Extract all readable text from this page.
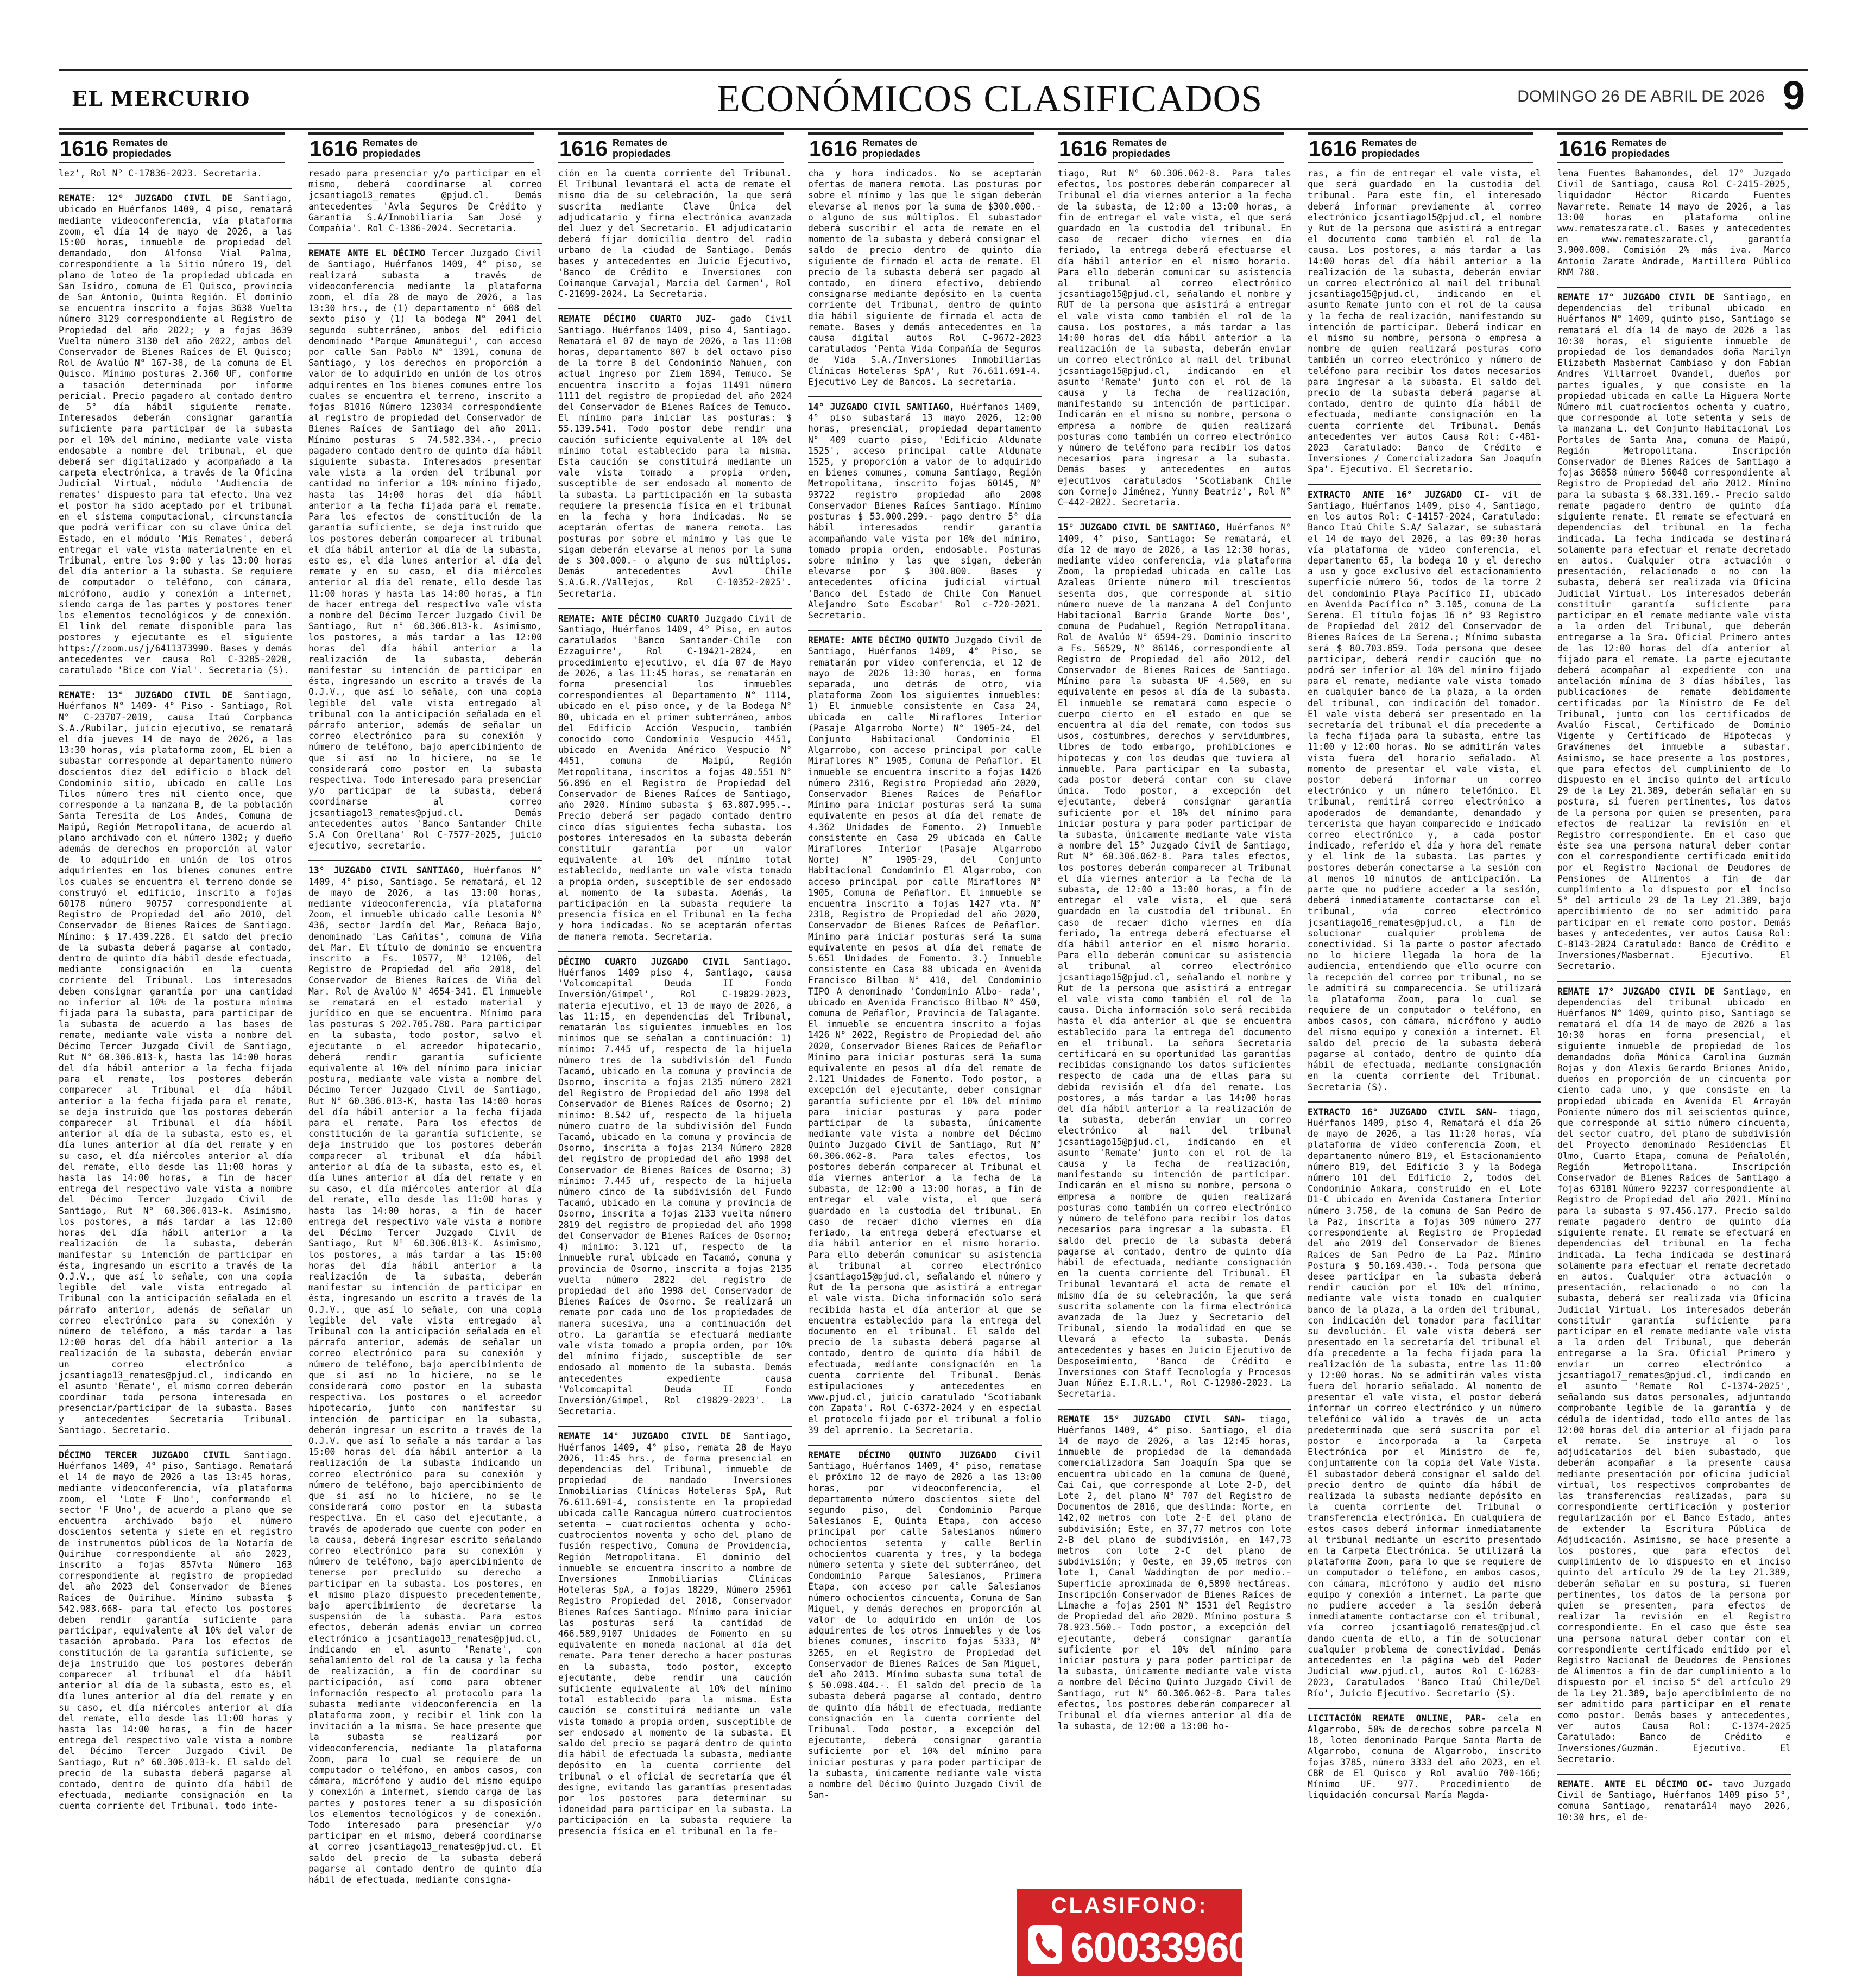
EL MERCURIO	ECONÓMICOS CLASIFICADOS	DOMINGO 26 DE ABRIL DE 2026 9
1616 Remates de
propiedades	1616 Remates de
propiedades	1616 Remates de
propiedades	1616 Remates de
propiedades	1616 Remates de
propiedades	1616 Remates de
propiedades	1616 Remates de
propiedades
lez', Rol N° C-17836-2023. Secretaria.
REMATE: 12° JUZGADO CIVIL DE Santiago, ubicado en Huérfanos 1409, 4 piso, rematará mediante videoconferencia, vía plataforma zoom, el día 14 de mayo de 2026, a las 15:00 horas, inmueble de propiedad del demandado, don Alfonso Vial Palma, correspondiente a la Sitio número 19, del plano de loteo de la propiedad ubicada en San Isidro, comuna de El Quisco, provincia de San Antonio, Quinta Región. El dominio se encuentra inscrito a fojas 3638 Vuelta número 3129 correspondiente al Registro de Propiedad del año 2022; y a fojas 3639 Vuelta número 3130 del año 2022, ambos del Conservador de Bienes Raíces de El Quisco; Rol de Avalúo N° 167-38, de la comuna de El Quisco. Mínimo posturas 2.360 UF, conforme a tasación determinada por informe pericial. Precio pagadero al contado dentro de 5° día hábil siguiente remate. Interesados deberán consignar garantía suficiente para participar de la subasta por el 10% del mínimo, mediante vale vista endosable a nombre del tribunal, el que deberá ser digitalizado y acompañado a la carpeta electrónica, a través de la Oficina Judicial Virtual, módulo 'Audiencia de remates' dispuesto para tal efecto. Una vez el postor ha sido aceptado por el tribunal en el sistema computacional, circunstancia que podrá verificar con su clave única del Estado, en el módulo 'Mis Remates', deberá entregar el vale vista materialmente en el Tribunal, entre los 9:00 y las 13:00 horas del día anterior a la subasta. Se requiere de computador o teléfono, con cámara, micrófono, audio y conexión a internet, siendo carga de las partes y postores tener los elementos tecnológicos y de conexión. El link del remate disponible para las postores y ejecutante es el siguiente https://zoom.us/j/6411373990. Bases y demás antecedentes ver causa Rol C-3285-2020, caratulado 'Bice con Vial'. Secretaria (S).
REMATE: 13° JUZGADO CIVIL DE Santiago, Huérfanos N° 1409- 4° Piso - Santiago, Rol N° C-23707-2019, causa Itaú Corpbanca S.A./Rubilar, juicio ejecutivo, se rematará el día jueves 14 de mayo de 2026, a las 13:30 horas, vía plataforma zoom, EL bien a subastar corresponde al departamento número doscientos diez del edificio o block del Condominio sitio, ubicado en calle Los Tilos número tres mil ciento once, que corresponde a la manzana B, de la población Santa Teresita de Los Andes, Comuna de Maipú, Región Metropolitana, de acuerdo al plano archivado con el número 1302; y dueño además de derechos en proporción al valor de lo adquirido en unión de los otros adquirientes en los bienes comunes entre los cuales se encuentra el terreno donde se construyó el edificio, inscrito a fojas 60178 número 90757 correspondiente al Registro de Propiedad del año 2010, del Conservador de Bienes Raíces de Santiago. Mínimo: $ 17.439.228. El saldo del precio de la subasta deberá pagarse al contado, dentro de quinto día hábil desde efectuada, mediante consignación en la cuenta corriente del Tribunal. Los interesados deben consignar garantía por una cantidad no inferior al 10% de la postura mínima fijada para la subasta, para participar de la subasta de acuerdo a las bases de remate, mediante vale vista a nombre del Décimo Tercer Juzgado Civil de Santiago, Rut N° 60.306.013-k, hasta las 14:00 horas del día hábil anterior a la fecha fijada para el remate, los postores deberán comparecer al Tribunal el día hábil anterior a la fecha fijada para el remate, se deja instruido que los postores deberán comparecer al Tribunal el día hábil anterior al día de la subasta, esto es, el día lunes anterior al día del remate y en su caso, el día miércoles anterior al día del remate, ello desde las 11:00 horas y hasta las 14:00 horas, a fin de hacer entrega del respectivo vale vista a nombre del Décimo Tercer Juzgado Civil de Santiago, Rut N° 60.306.013-k. Asimismo, los postores, a más tardar a las 12:00 horas del día hábil anterior a la realización de la subasta, deberán manifestar su intención de participar en ésta, ingresando un escrito a través de la O.J.V., que así lo señale, con una copia legible del vale vista entregado al Tribunal con la anticipación señalada en el párrafo anterior, además de señalar un correo electrónico para su conexión y número de teléfono, a más tardar a las 12:00 horas del día hábil anterior a la realización de la subasta, deberán enviar un correo electrónico a jcsantiago13_remates@pjud.cl, indicando en el asunto 'Remate', el mismo correo deberán coordinar toda persona interesada en presenciar/participar de la subasta. Bases y antecedentes Secretaria Tribunal. Santiago. Secretario.
DÉCIMO TERCER JUZGADO CIVIL Santiago. Huérfanos 1409, 4° piso, Santiago. Rematará el 14 de mayo de 2026 a las 13:45 horas, mediante videoconferencia, vía plataforma zoom, el 'Lote F Uno', conformando el sector 'F Uno', de acuerdo a plano que se encuentra archivado bajo el número doscientos setenta y siete en el registro de instrumentos públicos de la Notaría de Quirihue correspondiente al año 2023, inscrito a fojas 857vta Número 163 correspondiente al registro de propiedad del año 2023 del Conservador de Bienes Raíces de Quirihue. Mínimo subasta $ 542.983.668- para tal efecto los postores deben rendir garantía suficiente para participar, equivalente al 10% del valor de tasación aprobado. Para los efectos de constitución de la garantía suficiente, se deja instruido que los postores deberán comparecer al tribunal el día hábil anterior al día de la subasta, esto es, el día lunes anterior al día del remate y en su caso, el día miércoles anterior al día del remate, ello desde las 11:00 horas y hasta las 14:00 horas, a fin de hacer entrega del respectivo vale vista a nombre del Décimo Tercer Juzgado Civil De Santiago, Rut n° 60.306.013-k. El saldo del precio de la subasta deberá pagarse al contado, dentro de quinto día hábil de efectuada, mediante consignación en la cuenta corriente del Tribunal. todo inte-
resado para presenciar y/o participar en el mismo, deberá coordinarse al correo jcsantiago13_remates @pjud.cl. Demás antecedentes 'Avla Seguros De Crédito y Garantía S.A/Inmobiliaria San José y Compañía'. Rol C-1386-2024. Secretaria.
REMATE ANTE EL DÉCIMO Tercer Juzgado Civil de Santiago, Huérfanos 1409, 4° piso, se realizará subasta a través de videoconferencia mediante la plataforma zoom, el día 28 de mayo de 2026, a las 13:30 hrs., de (1) departamento n° 608 del sexto piso y (1) la bodega N° 2041 del segundo subterráneo, ambos del edificio denominado 'Parque Amunátegui', con acceso por calle San Pablo N° 1391, comuna de Santiago, y los derechos en proporción a valor de lo adquirido en unión de los otros adquirentes en los bienes comunes entre los cuales se encuentra el terreno, inscrito a fojas 81016 Número 123034 correspondiente al registro de propiedad del Conservador de Bienes Raíces de Santiago del año 2011. Mínimo posturas $ 74.582.334.-, precio pagadero contado dentro de quinto día hábil siguiente subasta. Interesados presentar vale vista a la orden del tribunal por cantidad no inferior a 10% mínimo fijado, hasta las 14:00 horas del día hábil anterior a la fecha fijada para el remate. Para los efectos de constitución de la garantía suficiente, se deja instruido que los postores deberán comparecer al tribunal el día hábil anterior al día de la subasta, esto es, el día lunes anterior al día del remate y en su caso, el día miércoles anterior al día del remate, ello desde las 11:00 horas y hasta las 14:00 horas, a fin de hacer entrega del respectivo vale vista a nombre del Décimo Tercer Juzgado Civil De Santiago, Rut n° 60.306.013-k. Asimismo, los postores, a más tardar a las 12:00 horas del día hábil anterior a la realización de la subasta, deberán manifestar su intención de participar en ésta, ingresando un escrito a través de la O.J.V., que así lo señale, con una copia legible del vale vista entregado al tribunal con la anticipación señalada en el párrafo anterior, además de señalar un correo electrónico para su conexión y número de teléfono, bajo apercibimiento de que si así no lo hiciere, no se le considerará como postor en la subasta respectiva. Todo interesado para presenciar y/o participar de la subasta, deberá coordinarse al correo jcsantiago13_remates@pjud.cl. Demás antecedentes autos 'Banco Santander Chile S.A Con Orellana' Rol C-7577-2025, juicio ejecutivo, secretario.
13° JUZGADO CIVIL SANTIAGO, Huérfanos N° 1409, 4° piso, Santiago. Se rematará, el 12 de mayo de 2026, a las 13:00 horas, mediante videoconferencia, vía plataforma Zoom, el inmueble ubicado calle Lesonia N° 436, sector Jardín del Mar, Reñaca Bajo, denominado 'Las Cañitas', comuna de Viña del Mar. El título de dominio se encuentra inscrito a Fs. 10577, N° 12106, del Registro de Propiedad del año 2018, del Conservador de Bienes Raíces de Viña del Mar. Rol de Avalúo N° 4654-341. El inmueble se rematará en el estado material y jurídico en que se encuentra. Mínimo para las posturas $ 202.705.780. Para participar en la subasta, todo postor, salvo el ejecutante o el acreedor hipotecario, deberá rendir garantía suficiente equivalente al 10% del mínimo para iniciar postura, mediante vale vista a nombre del Décimo Tercer Juzgado Civil de Santiago, Rut N° 60.306.013-K, hasta las 14:00 horas del día hábil anterior a la fecha fijada para el remate. Para los efectos de constitución de la garantía suficiente, se deja instruido que los postores deberán comparecer al tribunal el día hábil anterior al día de la subasta, esto es, el día lunes anterior al día del remate y en su caso, el día miércoles anterior al día del remate, ello desde las 11:00 horas y hasta las 14:00 horas, a fin de hacer entrega del respectivo vale vista a nombre del Décimo Tercer Juzgado Civil de Santiago, Rut N° 60.306.013-K. Asimismo, los postores, a más tardar a las 15:00 horas del día hábil anterior a la realización de la subasta, deberán manifestar su intención de participar en ésta, ingresando un escrito a través de la O.J.V., que así lo señale, con una copia legible del vale vista entregado al Tribunal con la anticipación señalada en el párrafo anterior, además de señalar un correo electrónico para su conexión y número de teléfono, bajo apercibimiento de que si así no lo hiciere, no se le considerará como postor en la subasta respectiva. Los postores o el acreedor hipotecario, junto con manifestar su intención de participar en la subasta, deberán ingresar un escrito a través de la O.J.V. que así lo señale a más tardar a las 15:00 horas del día hábil anterior a la realización de la subasta indicando un correo electrónico para su conexión y número de teléfono, bajo apercibimiento de que si así no lo hiciere, no se le considerará como postor en la subasta respectiva. En el caso del ejecutante, a través de apoderado que cuente con poder en la causa, deberá ingresar escrito señalando correo electrónico para su conexión y número de teléfono, bajo apercibimiento de tenerse por precluido su derecho a participar en la subasta. Los postores, en el mismo plazo dispuesto precedentemente, bajo apercibimiento de decretarse la suspensión de la subasta. Para estos efectos, deberán además enviar un correo electrónico a jcsantiago13_remates@pjud.cl, indicando en el asunto 'Remate', con señalamiento del rol de la causa y la fecha de realización, a fin de coordinar su participación, así como para obtener información respecto al protocolo para la subasta mediante videoconferencia en la plataforma zoom, y recibir el link con la invitación a la misma. Se hace presente que la subasta se realizará por videoconferencia, mediante la plataforma Zoom, para lo cual se requiere de un computador o teléfono, en ambos casos, con cámara, micrófono y audio del mismo equipo y conexión a internet, siendo carga de las partes y postores tener a su disposición los elementos tecnológicos y de conexión. Todo interesado para presenciar y/o participar en el mismo, deberá coordinarse al correo jcsantiago13_remates@pjud.cl. El saldo del precio de la subasta deberá pagarse al contado dentro de quinto día hábil de efectuada, mediante consigna-
ción en la cuenta corriente del Tribunal. El Tribunal levantará el acta de remate el mismo día de su celebración, la que será suscrita mediante Clave Única del adjudicatario y firma electrónica avanzada del Juez y del Secretario. El adjudicatario deberá fijar domicilio dentro del radio urbano de la ciudad de Santiago. Demás bases y antecedentes en Juicio Ejecutivo, 'Banco de Crédito e Inversiones con Coimanque Carvajal, Marcia del Carmen', Rol C-21699-2024. La Secretaria.
REMATE DÉCIMO CUARTO JUZ- gado Civil Santiago. Huérfanos 1409, piso 4, Santiago. Rematará el 07 de mayo de 2026, a las 11:00 horas, departamento 807 b del octavo piso de la torre B del Condominio Nahuen, con actual ingreso por Ziem 1894, Temuco. Se encuentra inscrito a fojas 11491 número 1111 del registro de propiedad del año 2024 del Conservador de Bienes Raíces de Temuco. El mínimo para iniciar las posturas: $ 55.139.541. Todo postor debe rendir una caución suficiente equivalente al 10% del mínimo total establecido para la misma. Esta caución se constituirá mediante un vale vista tomado a propia orden, susceptible de ser endosado al momento de la subasta. La participación en la subasta requiere la presencia física en el tribunal en la fecha y hora indicadas. No se aceptarán ofertas de manera remota. Las posturas por sobre el mínimo y las que le sigan deberán elevarse al menos por la suma de $ 300.000.- o alguno de sus múltiplos. Demás antecedentes Avvl Chile S.A.G.R./Vallejos, Rol C-10352-2025'. Secretaria.
REMATE: ANTE DÉCIMO CUARTO Juzgado Civil de Santiago, Huérfanos 1409, 4° Piso, en autos caratulados 'Banco Santander-Chile con Ezzaguirre', Rol C-19421-2024, en procedimiento ejecutivo, el día 07 de Mayo de 2026, a las 11:45 horas, se rematarán en forma presencial los inmuebles correspondientes al Departamento N° 1114, ubicado en el piso once, y de la Bodega N° 80, ubicada en el primer subterráneo, ambos del Edificio Acción Vespucio, también conocido como Condominio Vespucio 4451, ubicado en Avenida Américo Vespucio N° 4451, comuna de Maipú, Región Metropolitana, inscritos a fojas 40.551 N° 56.896 en el Registro de Propiedad del Conservador de Bienes Raíces de Santiago, año 2020. Mínimo subasta $ 63.807.995.-. Precio deberá ser pagado contado dentro cinco días siguientes fecha subasta. Los postores interesados en la subasta deberán constituir garantía por un valor equivalente al 10% del mínimo total establecido, mediante un vale vista tomado a propia orden, susceptible de ser endosado al momento de la subasta. Además, la participación en la subasta requiere la presencia física en el Tribunal en la fecha y hora indicadas. No se aceptarán ofertas de manera remota. Secretaria.
DÉCIMO CUARTO JUZGADO CIVIL Santiago. Huérfanos 1409 piso 4, Santiago, causa 'Volcomcapital Deuda II Fondo Inversión/Gimpel', Rol C-19829-2023, materia ejecutivo, el 13 de mayo de 2026, a las 11:15, en dependencias del Tribunal, rematarán los siguientes inmuebles en los mínimos que se señalan a continuación: 1) mínimo: 7.445 uf, respecto de la hijuela número tres de la subdivisión del Fundo Tacamó, ubicado en la comuna y provincia de Osorno, inscrita a fojas 2135 número 2821 del Registro de Propiedad del año 1998 del Conservador de Bienes Raíces de Osorno; 2) mínimo: 8.542 uf, respecto de la hijuela número cuatro de la subdivisión del Fundo Tacamó, ubicado en la comuna y provincia de Osorno, inscrita a fojas 2134 Número 2820 del registro de propiedad del año 1998 del Conservador de Bienes Raíces de Osorno; 3) mínimo: 7.445 uf, respecto de la hijuela número cinco de la subdivisión del Fundo Tacamó, ubicado en la comuna y provincia de Osorno, inscrita a fojas 2133 vuelta número 2819 del registro de propiedad del año 1998 del Conservador de Bienes Raíces de Osorno; 4) mínimo: 3.121 uf, respecto de la inmueble rural ubicado en Tacamó, comuna y provincia de Osorno, inscrita a fojas 2135 vuelta número 2822 del registro de propiedad del año 1998 del Conservador de Bienes Raíces de Osorno. Se realizará un remate por cada uno de los propiedades de manera sucesiva, una a continuación del otro. La garantía se efectuará mediante vale vista tomado a propia orden, por 10% del mínimo fijado, susceptible de ser endosado al momento de la subasta. Demás antecedentes expediente causa 'Volcomcapital Deuda II Fondo Inversión/Gimpel, Rol c19829-2023'. La Secretaria.
REMATE 14° JUZGADO CIVIL DE Santiago, Huérfanos 1409, 4° piso, remata 28 de Mayo 2026, 11:45 hrs., de forma presencial en dependencias del Tribunal, inmueble de propiedad de mandado Inversiones Inmobiliarias Clínicas Hoteleras SpA, Rut 76.611.691-4, consistente en la propiedad ubicada calle Rancagua número cuatrocientos setenta – cuatrocientos ochenta y ocho-cuatrocientos noventa y ocho del plano de fusión respectivo, Comuna de Providencia, Región Metropolitana. El dominio del inmueble se encuentra inscrito a nombre de Inversiones Inmobiliarias Clínicas Hoteleras SpA, a fojas 18229, Número 25961 Registro Propiedad del 2018, Conservador Bienes Raíces Santiago. Mínimo para iniciar las posturas será la cantidad de 466.589,9107 Unidades de Fomento en su equivalente en moneda nacional al día del remate. Para tener derecho a hacer posturas en la subasta, todo postor, excepto ejecutante, debe rendir una caución suficiente equivalente al 10% del mínimo total establecido para la misma. Esta caución se constituirá mediante un vale vista tomado a propia orden, susceptible de ser endosado al momento de la subasta. El saldo del precio se pagará dentro de quinto día hábil de efectuada la subasta, mediante depósito en la cuenta corriente del tribunal o el oficial de secretaría que él designe, evitando las garantías presentadas por los postores para determinar su idoneidad para participar en la subasta. La participación en la subasta requiere la presencia física en el tribunal en la fe-
cha y hora indicados. No se aceptarán ofertas de manera remota. Las posturas por sobre el mínimo y las que le sigan deberán elevarse al menos por la suma de $300.000.- o alguno de sus múltiplos. El subastador deberá suscribir el acta de remate en el momento de la subasta y deberá consignar el saldo de precio dentro de quinto día siguiente de firmado el acta de remate. El precio de la subasta deberá ser pagado al contado, en dinero efectivo, debiendo consignarse mediante depósito en la cuenta corriente del Tribunal, dentro de quinto día hábil siguiente de firmada el acta de remate. Bases y demás antecedentes en la causa digital autos Rol C-9672-2023 caratulados 'Penta Vida Compañía de Seguros de Vida S.A./Inversiones Inmobiliarias Clínicas Hoteleras SpA', Rut 76.611.691-4. Ejecutivo Ley de Bancos. La secretaria.
14° JUZGADO CIVIL SANTIAGO, Huérfanos 1409, 4° piso subastará 13 mayo 2026, 12:00 horas, presencial, propiedad departamento N° 409 cuarto piso, 'Edificio Aldunate 1525', acceso principal calle Aldunate 1525, y proporción a valor de lo adquirido en bienes comunes, comuna Santiago, Región Metropolitana, inscrito fojas 60145, N° 93722 registro propiedad año 2008 Conservador Bienes Raíces Santiago. Mínimo posturas $ 53.000.299.- pago dentro 5° día hábil interesados rendir garantía acompañando vale vista por 10% del mínimo, tomado propia orden, endosable. Posturas sobre mínimo y las que sigan, deberán elevarse por $ 300.000. Bases y antecedentes oficina judicial virtual 'Banco del Estado de Chile Con Manuel Alejandro Soto Escobar' Rol c-720-2021. Secretario.
REMATE: ANTE DÉCIMO QUINTO Juzgado Civil de Santiago, Huérfanos 1409, 4° Piso, se rematarán por video conferencia, el 12 de mayo de 2026 13:30 horas, en forma separada, uno detrás de otro, vía plataforma Zoom los siguientes inmuebles: 1) El inmueble consistente en Casa 24, ubicada en calle Miraflores Interior (Pasaje Algarrobo Norte) N° 1905-24, del Conjunto Habitacional Condominio El Algarrobo, con acceso principal por calle Miraflores N° 1905, Comuna de Peñaflor. El inmueble se encuentra inscrito a fojas 1426 número 2316, Registro Propiedad año 2020, Conservador Bienes Raíces de Peñaflor Mínimo para iniciar posturas será la suma equivalente en pesos al día del remate de 4.362 Unidades de Fomento. 2) Inmueble consistente en Casa 29 ubicada en Calle Miraflores Interior (Pasaje Algarrobo Norte) N° 1905-29, del Conjunto Habitacional Condominio El Algarrobo, con acceso principal por calle Miraflores N° 1905, Comuna de Peñaflor. El inmueble se encuentra inscrito a fojas 1427 vta. N° 2318, Registro de Propiedad del año 2020, Conservador de Bienes Raíces de Peñaflor. Mínimo para iniciar posturas será la suma equivalente en pesos al día del remate de 5.651 Unidades de Fomento. 3.) Inmueble consistente en Casa 88 ubicada en Avenida Francisco Bilbao N° 410, del Condominio TIPO A denominado 'Condominio Albo- rada', ubicado en Avenida Francisco Bilbao N° 450, comuna de Peñaflor, Provincia de Talagante. El inmueble se encuentra inscrito a fojas 1426 N° 2022, Registro de Propiedad del año 2020, Conservador Bienes Raíces de Peñaflor Mínimo para iniciar posturas será la suma equivalente en pesos al día del remate de 2.121 Unidades de Fomento. Todo postor, a excepción del ejecutante, deber consignar garantía suficiente por el 10% del mínimo para iniciar posturas y para poder participar de la subasta, únicamente mediante vale vista a nombre del Décimo Quinto Juzgado Civil de Santiago, Rut N° 60.306.062-8. Para tales efectos, los postores deberán comparecer al Tribunal el día viernes anterior a la fecha de la subasta, de 12:00 a 13:00 horas, a fin de entregar el vale vista, el que será guardado en la custodia del tribunal. En caso de recaer dicho viernes en día feriado, la entrega deberá efectuarse el día hábil anterior en el mismo horario. Para ello deberán comunicar su asistencia al tribunal al correo electrónico jcsantiago15@pjud.cl, señalando el número y Rut de la persona que asistirá a entregar el vale vista. Dicha información solo será recibida hasta el día anterior al que se encuentra establecido para la entrega del documento en el tribunal. El saldo del precio de la subasta deberá pagarse al contado, dentro de quinto día hábil de efectuada, mediante consignación en la cuenta corriente del Tribunal. Demás estipulaciones y antecedentes en www.pjud.cl, juicio caratulado 'Scotiabank con Zapata'. Rol C-6372-2024 y en especial el protocolo fijado por el tribunal a folio 39 del aprremio. La Secretaria.
REMATE DÉCIMO QUINTO JUZGADO Civil Santiago, Huérfanos 1409, 4° piso, rematase el próximo 12 de mayo de 2026 a las 13:00 horas, por videoconferencia, el departamento número doscientos siete del segundo piso, del Condominio Parque Salesianos E, Quinta Etapa, con acceso principal por calle Salesianos número ochocientos setenta y calle Berlín ochocientos cuarenta y tres, y la bodega número setenta y siete del subterráneo, del Condominio Parque Salesianos, Primera Etapa, con acceso por calle Salesianos número ochocientos cincuenta, Comuna de San Miguel, y demás derechos en proporción al valor de lo adquirido en unión de los adquirentes de los otros inmuebles y de los bienes comunes, inscrito fojas 5333, N° 3265, en el Registro de Propiedad del Conservador de Bienes Raíces de San Miguel, del año 2013. Mínimo subasta suma total de $ 50.098.404.-. El saldo del precio de la subasta deberá pagarse al contado, dentro de quinto día hábil de efectuada, mediante consignación en la cuenta corriente del Tribunal. Todo postor, a excepción del ejecutante, deberá consignar garantía suficiente por el 10% del mínimo para iniciar posturas y para poder participar de la subasta, únicamente mediante vale vista a nombre del Décimo Quinto Juzgado Civil de San-
tiago, Rut N° 60.306.062-8. Para tales efectos, los postores deberán comparecer al Tribunal el día viernes anterior a la fecha de la subasta, de 12:00 a 13:00 horas, a fin de entregar el vale vista, el que será guardado en la custodia del tribunal. En caso de recaer dicho viernes en día feriado, la entrega deberá efectuarse el día hábil anterior en el mismo horario. Para ello deberán comunicar su asistencia al tribunal al correo electrónico jcsantiago15@pjud.cl, señalando el nombre y RUT de la persona que asistirá a entregar el vale vista como también el rol de la causa. Los postores, a más tardar a las 14:00 horas del día hábil anterior a la realización de la subasta, deberán enviar un correo electrónico al mail del tribunal jcsantiago15@pjud.cl, indicando en el asunto 'Remate' junto con el rol de la causa y la fecha de realización, manifestando su intención de participar. Indicarán en el mismo su nombre, persona o empresa a nombre de quien realizará posturas como también un correo electrónico y número de teléfono para recibir los datos necesarios para ingresar a la subasta. Demás bases y antecedentes en autos ejecutivos caratulados 'Scotiabank Chile con Cornejo Jiménez, Yunny Beatriz', Rol N° C—442-2022. Secretaria.
15° JUZGADO CIVIL DE SANTIAGO, Huérfanos N° 1409, 4° piso, Santiago: Se rematará, el día 12 de mayo de 2026, a las 12:30 horas, mediante video conferencia, vía plataforma Zoom, la propiedad ubicada en calle Los Azaleas Oriente número mil trescientos sesenta dos, que corresponde al sitio número nueve de la manzana A del Conjunto Habitacional Barrio Grande Norte Dos', comuna de Pudahuel, Región Metropolitana. Rol de Avalúo N° 6594-29. Dominio inscrito a Fs. 56529, N° 86146, correspondiente al Registro de Propiedad del año 2012, del Conservador de Bienes Raíces de Santiago. Mínimo para la subasta UF 4.500, en su equivalente en pesos al día de la subasta. El inmueble se rematará como especie o cuerpo cierto en el estado en que se encuentra al día del remate, con todos sus usos, costumbres, derechos y servidumbres, libres de todo embargo, prohibiciones e hipotecas y con los deudas que tuviera al inmueble. Para participar en la subasta, cada postor deberá contar con su clave única. Todo postor, a excepción del ejecutante, deberá consignar garantía suficiente por el 10% del mínimo para iniciar postura y para poder participar de la subasta, únicamente mediante vale vista a nombre del 15° Juzgado Civil de Santiago, Rut N° 60.306.062-8. Para tales efectos, los postores deberán comparecer al Tribunal el día viernes anterior a la fecha de la subasta, de 12:00 a 13:00 horas, a fin de entregar el vale vista, el que será guardado en la custodia del tribunal. En caso de recaer dicho viernes en día feriado, la entrega deberá efectuarse el día hábil anterior en el mismo horario. Para ello deberán comunicar su asistencia al tribunal al correo electrónico jcsantiago15@pjud.cl, señalando el nombre y Rut de la persona que asistirá a entregar el vale vista como también el rol de la causa. Dicha información solo será recibida hasta el día anterior al que se encuentra establecido para la entrega del documento en el tribunal. La señora Secretaria certificará en su oportunidad las garantías recibidas consignando los datos suficientes respecto de cada una de ellas para su debida revisión el día del remate. Los postores, a más tardar a las 14:00 horas del día hábil anterior a la realización de la subasta, deberán enviar un correo electrónico al mail del tribunal jcsantiago15@pjud.cl, indicando en el asunto 'Remate' junto con el rol de la causa y la fecha de realización, manifestando su intención de participar. Indicarán en el mismo su nombre, persona o empresa a nombre de quien realizará posturas como también un correo electrónico y número de teléfono para recibir los datos necesarios para ingresar a la subasta. El saldo del precio de la subasta deberá pagarse al contado, dentro de quinto día hábil de efectuada, mediante consignación en la cuenta corriente del Tribunal. El Tribunal levantará el acta de remate el mismo día de su celebración, la que será suscrita solamente con la firma electrónica avanzada de la Juez y Secretario del Tribunal, siendo la modalidad en que se llevará a efecto la subasta. Demás antecedentes y bases en Juicio Ejecutivo de Desposeimiento, 'Banco de Crédito e Inversiones con Staff Tecnología y Procesos Juan Núñez E.I.R.L.', Rol C-12980-2023. La Secretaria.
REMATE 15° JUZGADO CIVIL SAN- tiago, Huérfanos 1409, 4° piso. Santiago, el día 14 de mayo de 2026, a las 12:45 horas, inmueble de propiedad de la demandada comercializadora San Joaquín Spa que se encuentra ubicado en la comuna de Quemé, Cai Cai, que corresponde al Lote 2-D, del Lote 2, del plano N° 707 del Registro de Documentos de 2016, que deslinda: Norte, en 142,02 metros con lote 2-E del plano de subdivisión; Este, en 37,77 metros con lote 2-B del plano de subdivisión, en 147,73 metros con lote 2-C del plano de subdivisión; y Oeste, en 39,05 metros con lote 1, Canal Waddington de por medio.- Superficie aproximada de 0,5890 hectáreas. Inscripción Conservador de Bienes Raíces de Limache a fojas 2501 N° 1531 del Registro de Propiedad del año 2020. Mínimo postura $ 78.923.560.- Todo postor, a excepción del ejecutante, deberá consignar garantía suficiente por el 10% del mínimo para iniciar postura y para poder participar de la subasta, únicamente mediante vale vista a nombre del Décimo Quinto Juzgado Civil de Santiago, rut N° 60.306.062-8. Para tales efectos, los postores deberán comparecer al Tribunal el día viernes anterior al día de la subasta, de 12:00 a 13:00 ho-
ras, a fin de entregar el vale vista, el que será guardado en la custodia del tribunal. Para este fin, el interesado deberá informar previamente al correo electrónico jcsantiago15@pjud.cl, el nombre y Rut de la persona que asistirá a entregar el documento como también el rol de la causa. Los postores, a más tardar a las 14:00 horas del día hábil anterior a la realización de la subasta, deberán enviar un correo electrónico al mail del tribunal jcsantiago15@pjud.cl, indicando en el asunto Remate junto con el rol de la causa y la fecha de realización, manifestando su intención de participar. Deberá indicar en el mismo su nombre, persona o empresa a nombre de quien realizará posturas como también un correo electrónico y número de teléfono para recibir los datos necesarios para ingresar a la subasta. El saldo del precio de la subasta deberá pagarse al contado, dentro de quinto día hábil de efectuada, mediante consignación en la cuenta corriente del Tribunal. Demás antecedentes ver autos Causa Rol: C-481-2023 Caratulado: Banco de Crédito e Inversiones / Comercializadora San Joaquín Spa'. Ejecutivo. El Secretario.
EXTRACTO ANTE 16° JUZGADO CI- vil de Santiago, Huérfanos 1409, piso 4, Santiago, en los autos Rol: C-14157-2024, Caratulado: Banco Itaú Chile S.A/ Salazar, se subastará el 14 de mayo del 2026, a las 09:30 horas vía plataforma de video conferencia, el departamento 65, la bodega 10 y el derecho a uso y goce exclusivo del estacionamiento superficie número 56, todos de la torre 2 del condominio Playa Pacífico II, ubicado en Avenida Pacífico n° 3.105, comuna de La Serena. El título fojas 16 n° 93 Registro de Propiedad del 2012 del Conservador de Bienes Raíces de La Serena.; Mínimo subasta será $ 80.703.859. Toda persona que desee participar, deberá rendir caución que no podrá ser inferior al 10% del mínimo fijado para el remate, mediante vale vista tomado en cualquier banco de la plaza, a la orden del tribunal, con indicación del tomador. El vale vista deberá ser presentado en la secretaría del tribunal el día precedente a la fecha fijada para la subasta, entre las 11:00 y 12:00 horas. No se admitirán vales vista fuera del horario señalado. Al momento de presentar el vale vista, el postor deberá informar un correo electrónico y un número telefónico. El tribunal, remitirá correo electrónico a apoderados de demandante, demandado y tercerista que hayan comparecido e indicado correo electrónico y, a cada postor indicado, referido el día y hora del remate y el link de la subasta. Las partes y postores deberán conectarse a la sesión con al menos 10 minutos de anticipación. La parte que no pudiere acceder a la sesión, deberá inmediatamente contactarse con el tribunal, vía correo electrónico jcsantiago16_remates@pjud.cl, a fin de solucionar cualquier problema de conectividad. Si la parte o postor afectado no lo hiciere llegada la hora de la audiencia, entendiendo que ello ocurre con la recepción del correo por tribunal, no se le admitirá su comparecencia. Se utilizará la plataforma Zoom, para lo cual se requiere de un computador o teléfono, en ambos casos, con cámara, micrófono y audio del mismo equipo y conexión a internet. El saldo del precio de la subasta deberá pagarse al contado, dentro de quinto día hábil de efectuada, mediante consignación en la cuenta corriente del Tribunal. Secretaria (S).
EXTRACTO 16° JUZGADO CIVIL SAN- tiago, Huérfanos 1409, piso 4, Rematará el día 26 de mayo de 2026, a las 11:20 horas, vía plataforma de video conferencia Zoom, el departamento número B19, el Estacionamiento número B19, del Edificio 3 y la Bodega número 101 del Edificio 2, todos del Condominio Ankara, construido en el Lote D1-C ubicado en Avenida Costanera Interior número 3.750, de la comuna de San Pedro de la Paz, inscrita a fojas 309 número 277 correspondiente al Registro de Propiedad del año 2019 del Conservador de Bienes Raíces de San Pedro de La Paz. Mínimo Postura $ 50.169.430.-. Toda persona que desee participar en la subasta deberá rendir caución por el 10% del mínimo, mediante vale vista tomado en cualquier banco de la plaza, a la orden del tribunal, con indicación del tomador para facilitar su devolución. El vale vista deberá ser presentado en la secretaría del tribunal el día precedente a la fecha fijada para la realización de la subasta, entre las 11:00 y 12:00 horas. No se admitirán vales vista fuera del horario señalado. Al momento de presentar el vale vista, el postor deberá informar un correo electrónico y un número telefónico válido a través de un acta predeterminada que será suscrita por el postor e incorporada a la Carpeta Electrónica por el Ministro de fe, conjuntamente con la copia del Vale Vista. El subastador deberá consignar el saldo del precio dentro de quinto día hábil de realizada la subasta mediante depósito en la cuenta corriente del Tribunal o transferencia electrónica. En cualquiera de estos casos deberá informar inmediatamente al tribunal mediante un escrito presentado en la Carpeta Electrónica. Se utilizará la plataforma Zoom, para lo que se requiere de un computador o teléfono, en ambos casos, con cámara, micrófono y audio del mismo equipo y conexión a internet. La parte que no pudiere acceder a la sesión deberá inmediatamente contactarse con el tribunal, vía correo jcsantiago16_remates@pjud.cl dando cuenta de ello, a fin de solucionar cualquier problema de conectividad. Demás antecedentes en la página web del Poder Judicial www.pjud.cl, autos Rol C-16283-2023, Caratulados 'Banco Itaú Chile/Del Río', Juicio Ejecutivo. Secretario (S).
LICITACIÓN REMATE ONLINE, PAR- cela en Algarrobo, 50% de derechos sobre parcela M 18, loteo denominado Parque Santa Marta de Algarrobo, comuna de Algarrobo, inscrito fojas 3785, número 3333 del año 2023, en el CBR de El Quisco y Rol avalúo 700-166; Mínimo UF. 977. Procedimiento de liquidación concursal María Magda-
lena Fuentes Bahamondes, del 17° Juzgado Civil de Santiago, causa Rol C-2415-2025, liquidador Héctor Ricardo Fuentes Navarrete. Remate 14 mayo de 2026, a las 13:00 horas en plataforma online www.remateszarate.cl. Bases y antecedentes en www.remateszarate.cl, garantía 3.900.000. Comisión 2% más iva. Marco Antonio Zarate Andrade, Martillero Público RNM 780.
REMATE 17° JUZGADO CIVIL DE Santiago, en dependencias del tribunal ubicado en Huérfanos N° 1409, quinto piso, Santiago se rematará el día 14 de mayo de 2026 a las 10:30 horas, el siguiente inmueble de propiedad de los demandados doña Marilyn Elizabeth Masbernat Cambiaso y don Fabian Andres Villarroel Ovandel, dueños por partes iguales, y que consiste en la propiedad ubicada en calle La Higuera Norte Número mil cuatrocientos ochenta y cuatro, que corresponde al lote setenta y seis de la manzana L. del Conjunto Habitacional Los Portales de Santa Ana, comuna de Maipú, Región Metropolitana. Inscripción Conservador de Bienes Raíces de Santiago a fojas 36858 número 56048 correspondiente al Registro de Propiedad del año 2012. Mínimo para la subasta $ 68.331.169.- Precio saldo remate pagadero dentro de quinto día siguiente remate. El remate se efectuará en dependencias del tribunal en la fecha indicada. La fecha indicada se destinará solamente para efectuar el remate decretado en autos. Cualquier otra actuación o presentación, relacionado o no con la subasta, deberá ser realizada vía Oficina Judicial Virtual. Los interesados deberán constituir garantía suficiente para participar en el remate mediante vale vista a la orden del Tribunal, que deberán entregarse a la Sra. Oficial Primero antes de las 12:00 horas del día anterior al fijado para el remate. La parte ejecutante deberá acompañar al expediente con una antelación mínima de 3 días hábiles, las publicaciones de remate debidamente certificadas por la Ministro de Fe del Tribunal, junto con los certificados de Avalúo Fiscal, Certificado de Dominio Vigente y Certificado de Hipotecas y Gravámenes del inmueble a subastar. Asimismo, se hace presente a los postores, que para efectos del cumplimiento de lo dispuesto en el inciso quinto del artículo 29 de la Ley 21.389, deberán señalar en su postura, si fueren pertinentes, los datos de la persona por quien se presenten, para efectos de realizar la revisión en el Registro correspondiente. En el caso que éste sea una persona natural deber contar con el correspondiente certificado emitido por el Registro Nacional de Deudores de Pensiones de Alimentos a fin de dar cumplimiento a lo dispuesto por el inciso 5° del artículo 29 de la Ley 21.389, bajo apercibimiento de no ser admitido para participar en el remate como postor. Demás bases y antecedentes, ver autos Causa Rol: C-8143-2024 Caratulado: Banco de Crédito e Inversiones/Masbernat. Ejecutivo. El Secretario.
REMATE 17° JUZGADO CIVIL DE Santiago, en dependencias del tribunal ubicado en Huérfanos N° 1409, quinto piso, Santiago se rematará el día 14 de mayo de 2026 a las 10:30 horas en forma presencial, el siguiente inmueble de propiedad de los demandados doña Mónica Carolina Guzmán Rojas y don Alexis Gerardo Briones Anido, dueños en proporción de un cincuenta por ciento cada uno, y que consiste en la propiedad ubicada en Avenida El Arrayán Poniente número dos mil seiscientos quince, que corresponde al sitio número cincuenta, del sector cuatro, del plano de subdivisión del Proyecto denominado Residencias El Olmo, Cuarto Etapa, comuna de Peñalolén, Región Metropolitana. Inscripción Conservador de Bienes Raíces de Santiago a fojas 63181 Número 92237 correspondiente al Registro de Propiedad del año 2021. Mínimo para la subasta $ 97.456.177. Precio saldo remate pagadero dentro de quinto día siguiente remate. El remate se efectuará en dependencias del tribunal en la fecha indicada. La fecha indicada se destinará solamente para efectuar el remate decretado en autos. Cualquier otra actuación o presentación, relacionado o no con la subasta, deberá ser realizada vía Oficina Judicial Virtual. Los interesados deberán constituir garantía suficiente para participar en el remate mediante vale vista a la orden del Tribunal, que deberán entregarse a la Sra. Oficial Primero y enviar un correo electrónico a jcsantiago17_remates@pjud.cl, indicando en el asunto 'Remate Rol C-1374-2025', señalando sus datos personales, adjuntando comprobante legible de la garantía y de cédula de identidad, todo ello antes de las 12:00 horas del día anterior al fijado para el remate. Se instruye al o los adjudicatarios del bien subastado, que deberán acompañar a la presente causa mediante presentación por oficina judicial virtual, los respectivos comprobantes de las transferencias realizadas, para su correspondiente certificación y posterior regularización por el Banco Estado, antes de extender la Escritura Pública de Adjudicación. Asimismo, se hace presente a los postores, que para efectos del cumplimiento de lo dispuesto en el inciso quinto del artículo 29 de la Ley 21.389, deberán señalar en su postura, si fueren pertinentes, los datos de la persona por quien se presenten, para efectos de realizar la revisión en el Registro correspondiente. En el caso que éste sea una persona natural deber contar con el correspondiente certificado emitido por el Registro Nacional de Deudores de Pensiones de Alimentos a fin de dar cumplimiento a lo dispuesto por el inciso 5° del artículo 29 de la Ley 21.389, bajo apercibimiento de no ser admitido para participar en el remate como postor. Demás bases y antecedentes, ver autos Causa Rol: C-1374-2025 Caratulado: Banco de Crédito e Inversiones/Guzmán. Ejecutivo. El Secretario.
REMATE. ANTE EL DÉCIMO OC- tavo Juzgado Civil de Santiago, Huérfanos 1409 piso 5°, comuna Santiago, rematará14 mayo 2026, 10:30 hrs, el de-
CLASIFONO:
6003396000
